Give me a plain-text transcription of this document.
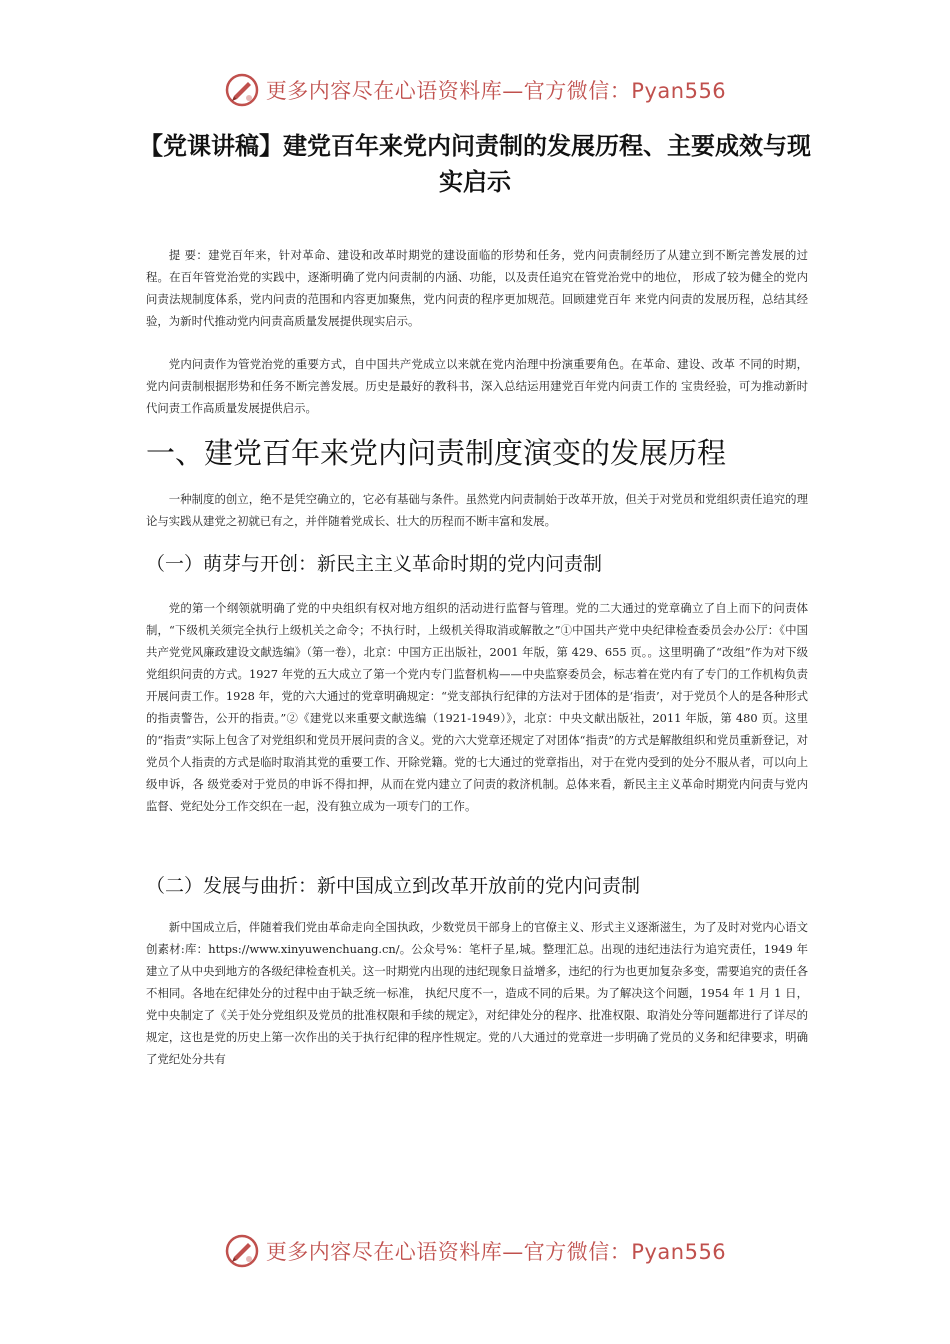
更多内容尽在心语资料库—官方微信：Pyan556
【党课讲稿】建党百年来党内问责制的发展历程、主要成效与现实启示

提 要：建党百年来，针对革命、建设和改革时期党的建设面临的形势和任务，党内问责制经历了从建立到不断完善发展的过程。在百年管党治党的实践中，逐渐明确了党内问责制的内涵、功能，以及责任追究在管党治党中的地位， 形成了较为健全的党内问责法规制度体系，党内问责的范围和内容更加聚焦，党内问责的程序更加规范。回顾建党百年 来党内问责的发展历程，总结其经验，为新时代推动党内问责高质量发展提供现实启示。

党内问责作为管党治党的重要方式，自中国共产党成立以来就在党内治理中扮演重要角色。在革命、建设、改革 不同的时期，党内问责制根据形势和任务不断完善发展。历史是最好的教科书，深入总结运用建党百年党内问责工作的 宝贵经验，可为推动新时代问责工作高质量发展提供启示。

一、建党百年来党内问责制度演变的发展历程

一种制度的创立，绝不是凭空确立的，它必有基础与条件。虽然党内问责制始于改革开放，但关于对党员和党组织责任追究的理论与实践从建党之初就已有之，并伴随着党成长、壮大的历程而不断丰富和发展。

（一）萌芽与开创：新民主主义革命时期的党内问责制

党的第一个纲领就明确了党的中央组织有权对地方组织的活动进行监督与管理。党的二大通过的党章确立了自上而下的问责体制，“下级机关须完全执行上级机关之命令；不执行时，上级机关得取消或解散之”①中国共产党中央纪律检查委员会办公厅：《中国共产党党风廉政建设文献选编》（第一卷），北京：中国方正出版社，2001 年版，第 429、655 页。。这里明确了“改组”作为对下级党组织问责的方式。1927 年党的五大成立了第一个党内专门监督机构——中央监察委员会，标志着在党内有了专门的工作机构负责开展问责工作。1928 年，党的六大通过的党章明确规定：“党支部执行纪律的方法对于团体的是‘指责’，对于党员个人的是各种形式的指责警告，公开的指责。”②《建党以来重要文献选编（1921-1949）》，北京：中央文献出版社，2011 年版，第 480 页。这里的“指责”实际上包含了对党组织和党员开展问责的含义。党的六大党章还规定了对团体“指责”的方式是解散组织和党员重新登记，对党员个人指责的方式是临时取消其党的重要工作、开除党籍。党的七大通过的党章指出，对于在党内受到的处分不服从者，可以向上级申诉，各 级党委对于党员的申诉不得扣押，从而在党内建立了问责的救济机制。总体来看，新民主主义革命时期党内问责与党内 监督、党纪处分工作交织在一起，没有独立成为一项专门的工作。

（二）发展与曲折：新中国成立到改革开放前的党内问责制

新中国成立后，伴随着我们党由革命走向全国执政，少数党员干部身上的官僚主义、形式主义逐渐滋生，为了及时对党内心语文创素材:库：https://www.xinyuwenchuang.cn/。公众号%：笔杆子星,城。整理汇总。出现的违纪违法行为追究责任，1949 年建立了从中央到地方的各级纪律检查机关。这一时期党内出现的违纪现象日益增多，违纪的行为也更加复杂多变，需要追究的责任各不相同。各地在纪律处分的过程中由于缺乏统一标准， 执纪尺度不一，造成不同的后果。为了解决这个问题，1954 年 1 月 1 日，党中央制定了《关于处分党组织及党员的批准权限和手续的规定》，对纪律处分的程序、批准权限、取消处分等问题都进行了详尽的规定，这也是党的历史上第一次作出的关于执行纪律的程序性规定。党的八大通过的党章进一步明确了党员的义务和纪律要求，明确了党纪处分共有

更多内容尽在心语资料库—官方微信：Pyan556
